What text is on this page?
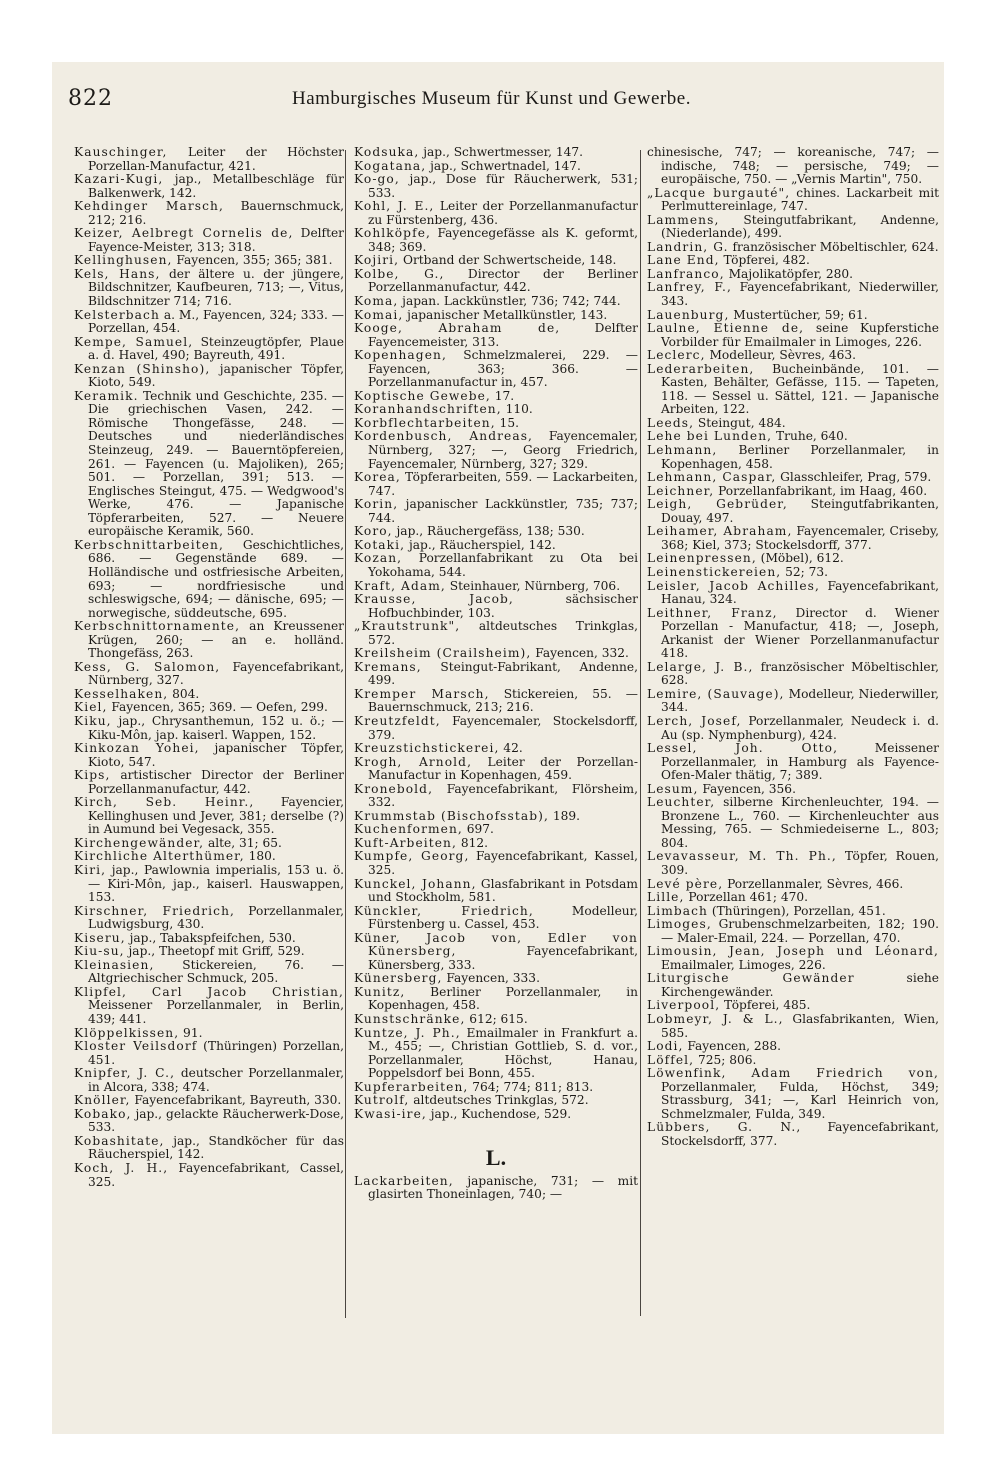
822	Hamburgisches Museum für Kunst und Gewerbe.

Kauschinger, Leiter der Höchster Porzellan-Manufactur, 421.

Kazari-Kugi, jap., Metallbeschläge für Balkenwerk, 142.

Kehdinger Marsch, Bauernschmuck, 212; 216.

Keizer, Aelbregt Cornelis de, Delfter Fayence-Meister, 313; 318.

Kellinghusen, Fayencen, 355; 365; 381.

Kels, Hans, der ältere u. der jüngere, Bildschnitzer, Kaufbeuren, 713; —, Vitus, Bildschnitzer 714; 716.

Kelsterbach a. M., Fayencen, 324; 333. — Porzellan, 454.

Kempe, Samuel, Steinzeugtöpfer, Plaue a. d. Havel, 490; Bayreuth, 491.

Kenzan (Shinsho), japanischer Töpfer, Kioto, 549.

Keramik. Technik und Geschichte, 235. — Die griechischen Vasen, 242. — Römische Thongefässe, 248. — Deutsches und niederländisches Steinzeug, 249. — Bauerntöpfereien, 261. — Fayencen (u. Majoliken), 265; 501. — Porzellan, 391; 513. — Englisches Steingut, 475. — Wedgwood's Werke, 476. — Japanische Töpferarbeiten, 527. — Neuere europäische Keramik, 560.

Kerbschnittarbeiten, Geschichtliches, 686. — Gegenstände 689. — Holländische und ostfriesische Arbeiten, 693; — nordfriesische und schleswigsche, 694; — dänische, 695; — norwegische, süddeutsche, 695.

Kerbschnittornamente, an Kreussener Krügen, 260; — an e. holländ. Thongefäss, 263.

Kess, G. Salomon, Fayencefabrikant, Nürnberg, 327.

Kesselhaken, 804.

Kiel, Fayencen, 365; 369. — Oefen, 299.

Kiku, jap., Chrysanthemun, 152 u. ö.; — Kiku-Môn, jap. kaiserl. Wappen, 152.

Kinkozan Yohei, japanischer Töpfer, Kioto, 547.

Kips, artistischer Director der Berliner Porzellanmanufactur, 442.

Kirch, Seb. Heinr., Fayencier, Kellinghusen und Jever, 381; derselbe (?) in Aumund bei Vegesack, 355.

Kirchengewänder, alte, 31; 65.

Kirchliche Alterthümer, 180.

Kiri, jap., Pawlownia imperialis, 153 u. ö. — Kiri-Môn, jap., kaiserl. Hauswappen, 153.

Kirschner, Friedrich, Porzellanmaler, Ludwigsburg, 430.

Kiseru, jap., Tabakspfeifchen, 530.

Kiu-su, jap., Theetopf mit Griff, 529.

Kleinasien, Stickereien, 76. — Altgriechischer Schmuck, 205.

Klipfel, Carl Jacob Christian, Meissener Porzellanmaler, in Berlin, 439; 441.

Klöppelkissen, 91.

Kloster Veilsdorf (Thüringen) Porzellan, 451.

Knipfer, J. C., deutscher Porzellanmaler, in Alcora, 338; 474.

Knöller, Fayencefabrikant, Bayreuth, 330.

Kobako, jap., gelackte Räucherwerk-Dose, 533.

Kobashitate, jap., Standköcher für das Räucherspiel, 142.

Koch, J. H., Fayencefabrikant, Cassel, 325.

Kodsuka, jap., Schwertmesser, 147.

Kogatana, jap., Schwertnadel, 147.

Ko-go, jap., Dose für Räucherwerk, 531; 533.

Kohl, J. E., Leiter der Porzellanmanufactur zu Fürstenberg, 436.

Kohlköpfe, Fayencegefässe als K. geformt, 348; 369.

Kojiri, Ortband der Schwertscheide, 148.

Kolbe, G., Director der Berliner Porzellanmanufactur, 442.

Koma, japan. Lackkünstler, 736; 742; 744.

Komai, japanischer Metallkünstler, 143.

Kooge, Abraham de, Delfter Fayencemeister, 313.

Kopenhagen, Schmelzmalerei, 229. — Fayencen, 363; 366. — Porzellanmanufactur in, 457.

Koptische Gewebe, 17.

Koranhandschriften, 110.

Korbflechtarbeiten, 15.

Kordenbusch, Andreas, Fayencemaler, Nürnberg, 327; —, Georg Friedrich, Fayencemaler, Nürnberg, 327; 329.

Korea, Töpferarbeiten, 559. — Lackarbeiten, 747.

Korin, japanischer Lackkünstler, 735; 737; 744.

Koro, jap., Räuchergefäss, 138; 530.

Kotaki, jap., Räucherspiel, 142.

Kozan, Porzellanfabrikant zu Ota bei Yokohama, 544.

Kraft, Adam, Steinhauer, Nürnberg, 706.

Krausse, Jacob, sächsischer Hofbuchbinder, 103.

„Krautstrunk", altdeutsches Trinkglas, 572.

Kreilsheim (Crailsheim), Fayencen, 332.

Kremans, Steingut-Fabrikant, Andenne, 499.

Kremper Marsch, Stickereien, 55. — Bauernschmuck, 213; 216.

Kreutzfeldt, Fayencemaler, Stockelsdorff, 379.

Kreuzstichstickerei, 42.

Krogh, Arnold, Leiter der Porzellan-Manufactur in Kopenhagen, 459.

Kronebold, Fayencefabrikant, Flörsheim, 332.

Krummstab (Bischofsstab), 189.

Kuchenformen, 697.

Kuft-Arbeiten, 812.

Kumpfe, Georg, Fayencefabrikant, Kassel, 325.

Kunckel, Johann, Glasfabrikant in Potsdam und Stockholm, 581.

Künckler, Friedrich, Modelleur, Fürstenberg u. Cassel, 453.

Küner, Jacob von, Edler von Künersberg, Fayencefabrikant, Künersberg, 333.

Künersberg, Fayencen, 333.

Kunitz, Berliner Porzellanmaler, in Kopenhagen, 458.

Kunstschränke, 612; 615.

Kuntze, J. Ph., Emailmaler in Frankfurt a. M., 455; —, Christian Gottlieb, S. d. vor., Porzellanmaler, Höchst, Hanau, Poppelsdorf bei Bonn, 455.

Kupferarbeiten, 764; 774; 811; 813.

Kutrolf, altdeutsches Trinkglas, 572.

Kwasi-ire, jap., Kuchendose, 529.

L.

Lackarbeiten, japanische, 731; — mit glasirten Thoneinlagen, 740; —

chinesische, 747; — koreanische, 747; — indische, 748; — persische, 749; — europäische, 750. — „Vernis Martin", 750.

„Lacque burgauté", chines. Lackarbeit mit Perlmuttereinlage, 747.

Lammens, Steingutfabrikant, Andenne, (Niederlande), 499.

Landrin, G. französischer Möbeltischler, 624.

Lane End, Töpferei, 482.

Lanfranco, Majolikatöpfer, 280.

Lanfrey, F., Fayencefabrikant, Niederwiller, 343.

Lauenburg, Mustertücher, 59; 61.

Laulne, Etienne de, seine Kupferstiche Vorbilder für Emailmaler in Limoges, 226.

Leclerc, Modelleur, Sèvres, 463.

Lederarbeiten, Bucheinbände, 101. — Kasten, Behälter, Gefässe, 115. — Tapeten, 118. — Sessel u. Sättel, 121. — Japanische Arbeiten, 122.

Leeds, Steingut, 484.

Lehe bei Lunden, Truhe, 640.

Lehmann, Berliner Porzellanmaler, in Kopenhagen, 458.

Lehmann, Caspar, Glasschleifer, Prag, 579.

Leichner, Porzellanfabrikant, im Haag, 460.

Leigh, Gebrüder, Steingutfabrikanten, Douay, 497.

Leihamer, Abraham, Fayencemaler, Criseby, 368; Kiel, 373; Stockelsdorff, 377.

Leinenpressen, (Möbel), 612.

Leinenstickereien, 52; 73.

Leisler, Jacob Achilles, Fayencefabrikant, Hanau, 324.

Leithner, Franz, Director d. Wiener Porzellan - Manufactur, 418; —, Joseph, Arkanist der Wiener Porzellanmanufactur 418.

Lelarge, J. B., französischer Möbeltischler, 628.

Lemire, (Sauvage), Modelleur, Niederwiller, 344.

Lerch, Josef, Porzellanmaler, Neudeck i. d. Au (sp. Nymphenburg), 424.

Lessel, Joh. Otto, Meissener Porzellanmaler, in Hamburg als Fayence-Ofen-Maler thätig, 7; 389.

Lesum, Fayencen, 356.

Leuchter, silberne Kirchenleuchter, 194. — Bronzene L., 760. — Kirchenleuchter aus Messing, 765. — Schmiedeiserne L., 803; 804.

Levavasseur, M. Th. Ph., Töpfer, Rouen, 309.

Levé père, Porzellanmaler, Sèvres, 466.

Lille, Porzellan 461; 470.

Limbach (Thüringen), Porzellan, 451.

Limoges, Grubenschmelzarbeiten, 182; 190. — Maler-Email, 224. — Porzellan, 470.

Limousin, Jean, Joseph und Léonard, Emailmaler, Limoges, 226.

Liturgische Gewänder siehe Kirchengewänder.

Liverpool, Töpferei, 485.

Lobmeyr, J. & L., Glasfabrikanten, Wien, 585.

Lodi, Fayencen, 288.

Löffel, 725; 806.

Löwenfink, Adam Friedrich von, Porzellanmaler, Fulda, Höchst, 349; Strassburg, 341; —, Karl Heinrich von, Schmelzmaler, Fulda, 349.

Lübbers, G. N., Fayencefabrikant, Stockelsdorff, 377.
